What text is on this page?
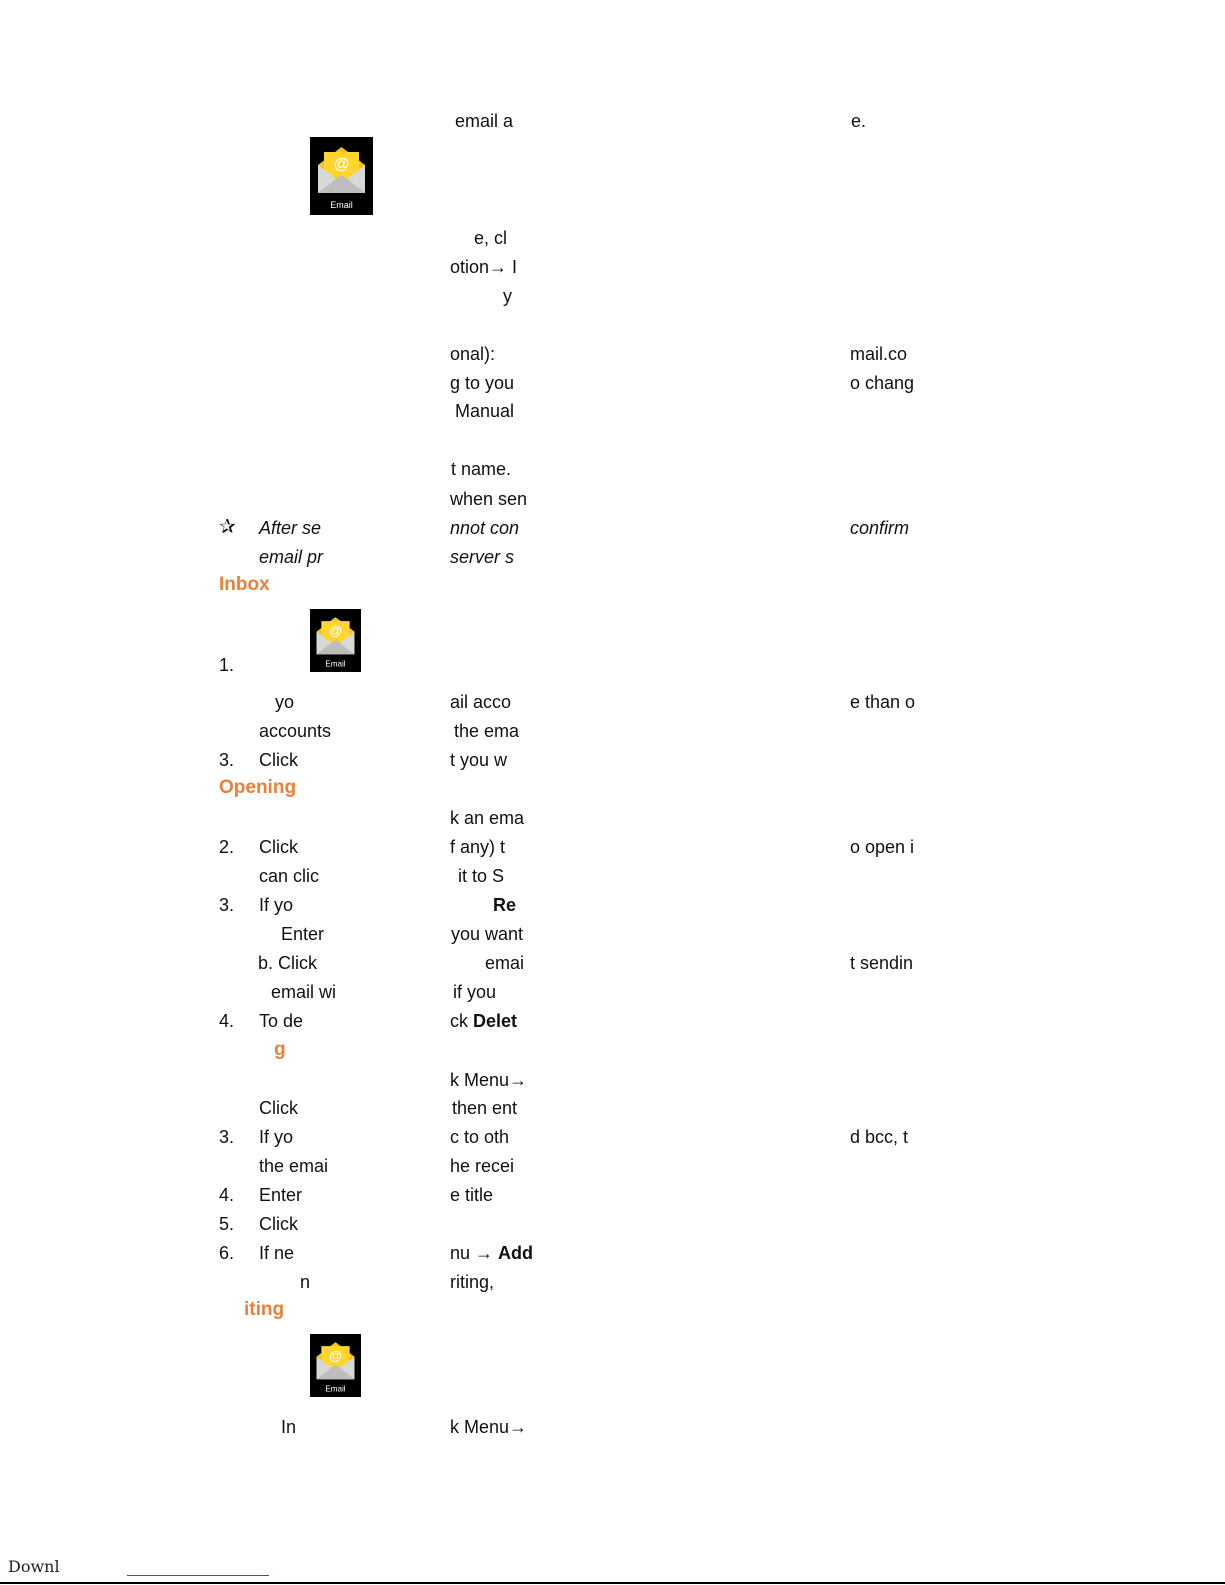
@
Email
@
Email
@
Email
email a	e.
e, cl
otion→ I
y
onal):	mail.co
g to you	o chang
Manual
t name.
when sen
✰ After se	nnot con	confirm
email pr	server s
Inbox
1.
yo	ail acco	e than o
accounts	the ema
3. Click	t you w
Opening
k an ema
2. Click	f any) t	o open i
can clic	it to S
3. If yo	Re
Enter	you want
b. Click	emai	t sendin
email wi	if you
4. To de	ck Delet
g
k Menu→
Click	then ent
3. If yo	c to oth	d bcc, t
the emai	he recei
4. Enter	e title
5. Click
6. If ne	nu → Add
n	riting,
iting
In	k Menu→
Downl
